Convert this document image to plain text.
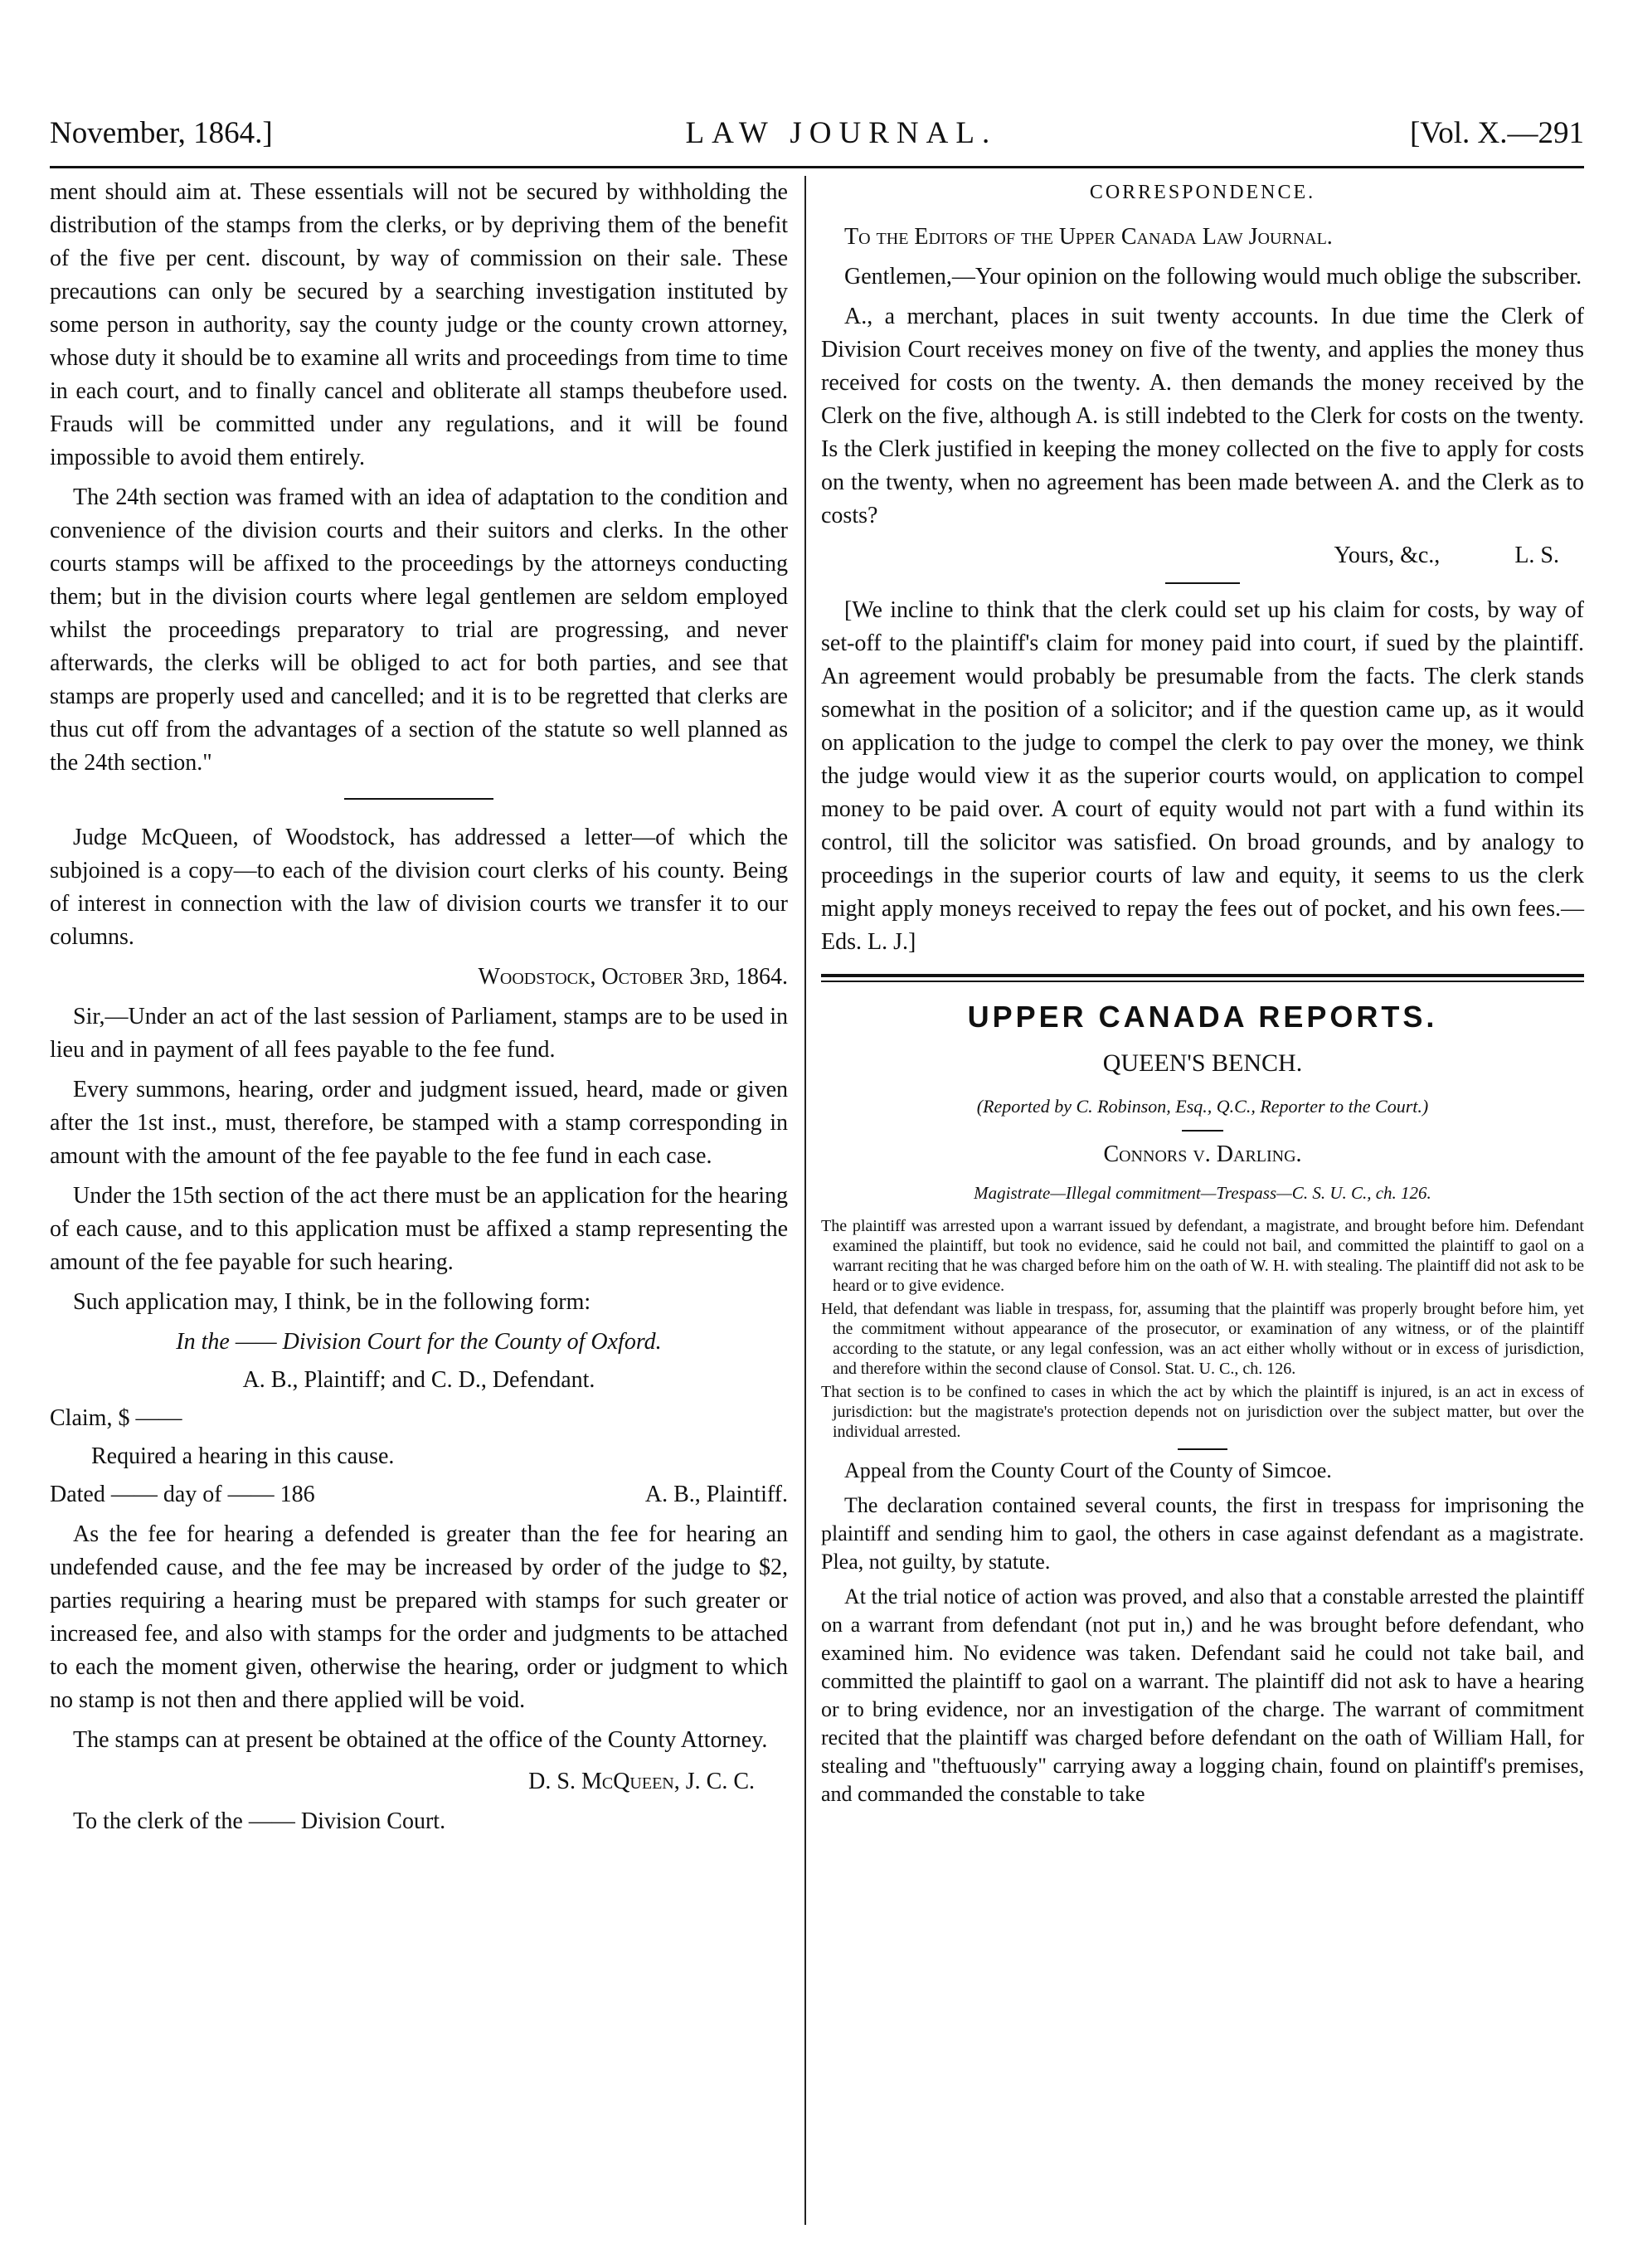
November, 1864.]	LAW JOURNAL.	[Vol. X.—291

ment should aim at. These essentials will not be secured by withholding the distribution of the stamps from the clerks, or by depriving them of the benefit of the five per cent. discount, by way of commission on their sale. These precautions can only be secured by a searching investigation instituted by some person in authority, say the county judge or the county crown attorney, whose duty it should be to examine all writs and proceedings from time to time in each court, and to finally cancel and obliterate all stamps theubefore used. Frauds will be committed under any regulations, and it will be found impossible to avoid them entirely.

The 24th section was framed with an idea of adaptation to the condition and convenience of the division courts and their suitors and clerks. In the other courts stamps will be affixed to the proceedings by the attorneys conducting them; but in the division courts where legal gentlemen are seldom employed whilst the proceedings preparatory to trial are progressing, and never afterwards, the clerks will be obliged to act for both parties, and see that stamps are properly used and cancelled; and it is to be regretted that clerks are thus cut off from the advantages of a section of the statute so well planned as the 24th section."

Judge McQueen, of Woodstock, has addressed a letter—of which the subjoined is a copy—to each of the division court clerks of his county. Being of interest in connection with the law of division courts we transfer it to our columns.

Woodstock, October 3rd, 1864.

Sir,—Under an act of the last session of Parliament, stamps are to be used in lieu and in payment of all fees payable to the fee fund.

Every summons, hearing, order and judgment issued, heard, made or given after the 1st inst., must, therefore, be stamped with a stamp corresponding in amount with the amount of the fee payable to the fee fund in each case.

Under the 15th section of the act there must be an application for the hearing of each cause, and to this application must be affixed a stamp representing the amount of the fee payable for such hearing.

Such application may, I think, be in the following form:

In the —— Division Court for the County of Oxford.
A. B., Plaintiff; and C. D., Defendant.
Claim, $ ——
Required a hearing in this cause.
Dated —— day of —— 186	A. B., Plaintiff.

As the fee for hearing a defended is greater than the fee for hearing an undefended cause, and the fee may be increased by order of the judge to $2, parties requiring a hearing must be prepared with stamps for such greater or increased fee, and also with stamps for the order and judgments to be attached to each the moment given, otherwise the hearing, order or judgment to which no stamp is not then and there applied will be void.

The stamps can at present be obtained at the office of the County Attorney.

D. S. McQueen, J. C. C.

To the clerk of the —— Division Court.

CORRESPONDENCE.
To the Editors of the Upper Canada Law Journal.

Gentlemen,—Your opinion on the following would much oblige the subscriber.

A., a merchant, places in suit twenty accounts. In due time the Clerk of Division Court receives money on five of the twenty, and applies the money thus received for costs on the twenty. A. then demands the money received by the Clerk on the five, although A. is still indebted to the Clerk for costs on the twenty. Is the Clerk justified in keeping the money collected on the five to apply for costs on the twenty, when no agreement has been made between A. and the Clerk as to costs?

Yours, &c.,	L. S.

[We incline to think that the clerk could set up his claim for costs, by way of set-off to the plaintiff's claim for money paid into court, if sued by the plaintiff. An agreement would probably be presumable from the facts. The clerk stands somewhat in the position of a solicitor; and if the question came up, as it would on application to the judge to compel the clerk to pay over the money, we think the judge would view it as the superior courts would, on application to compel money to be paid over. A court of equity would not part with a fund within its control, till the solicitor was satisfied. On broad grounds, and by analogy to proceedings in the superior courts of law and equity, it seems to us the clerk might apply moneys received to repay the fees out of pocket, and his own fees.—Eds. L. J.]

UPPER CANADA REPORTS.
QUEEN'S BENCH.
(Reported by C. Robinson, Esq., Q.C., Reporter to the Court.)
Connors v. Darling.
Magistrate—Illegal commitment—Trespass—C. S. U. C., ch. 126.

The plaintiff was arrested upon a warrant issued by defendant, a magistrate, and brought before him. Defendant examined the plaintiff, but took no evidence, said he could not bail, and committed the plaintiff to gaol on a warrant reciting that he was charged before him on the oath of W. H. with stealing. The plaintiff did not ask to be heard or to give evidence.

Held, that defendant was liable in trespass, for, assuming that the plaintiff was properly brought before him, yet the commitment without appearance of the prosecutor, or examination of any witness, or of the plaintiff according to the statute, or any legal confession, was an act either wholly without or in excess of jurisdiction, and therefore within the second clause of Consol. Stat. U. C., ch. 126.

That section is to be confined to cases in which the act by which the plaintiff is injured, is an act in excess of jurisdiction: but the magistrate's protection depends not on jurisdiction over the subject matter, but over the individual arrested.

Appeal from the County Court of the County of Simcoe.

The declaration contained several counts, the first in trespass for imprisoning the plaintiff and sending him to gaol, the others in case against defendant as a magistrate. Plea, not guilty, by statute.

At the trial notice of action was proved, and also that a constable arrested the plaintiff on a warrant from defendant (not put in,) and he was brought before defendant, who examined him. No evidence was taken. Defendant said he could not take bail, and committed the plaintiff to gaol on a warrant. The plaintiff did not ask to have a hearing or to bring evidence, nor an investigation of the charge. The warrant of commitment recited that the plaintiff was charged before defendant on the oath of William Hall, for stealing and "theftuously" carrying away a logging chain, found on plaintiff's premises, and commanded the constable to take
